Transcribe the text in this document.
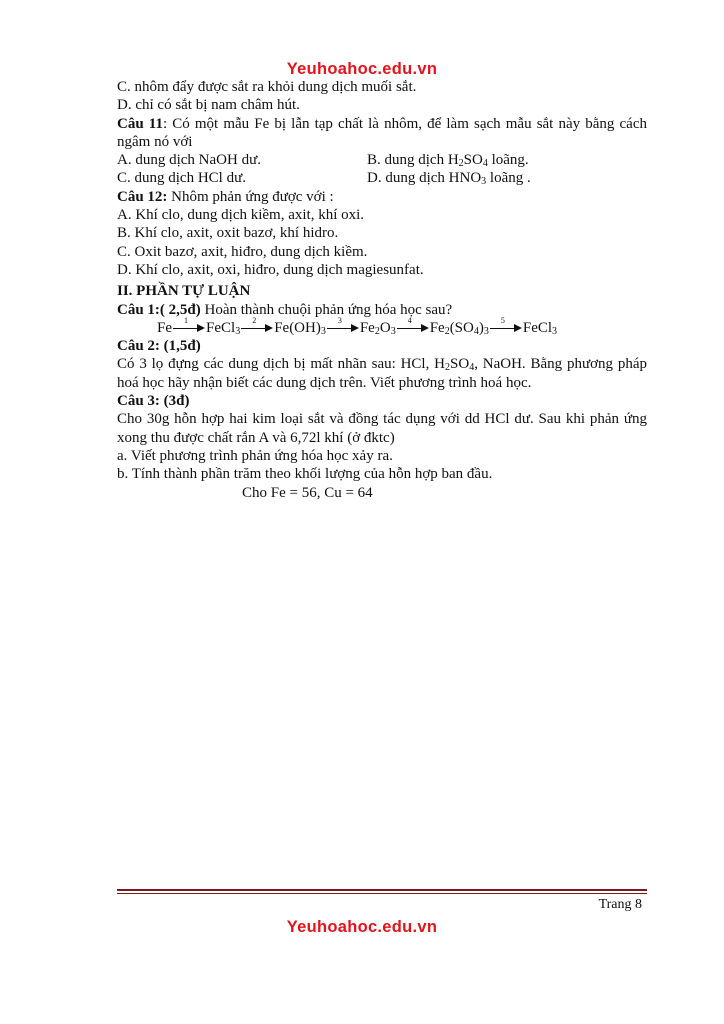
Yeuhoahoc.edu.vn
C. nhôm đẩy được sắt ra khỏi dung dịch muối sắt.
D. chỉ có sắt bị nam châm hút.
Câu 11: Có một mẫu Fe bị lẫn tạp chất là nhôm, để làm sạch mẫu sắt này bằng cách ngâm nó với
A. dung dịch NaOH dư.	B. dung dịch $H_2SO_4$ loãng.
C. dung dịch HCl dư.	D. dung dịch $HNO_3$ loãng .
Câu 12: Nhôm phản ứng được với :
A. Khí clo, dung dịch kiềm, axit, khí oxi.
B. Khí clo, axit, oxit bazơ, khí hidro.
C. Oxit bazơ, axit, hiđro, dung dịch kiềm.
D. Khí clo, axit, oxi, hiđro, dung dịch magiesunfat.
II. PHẦN TỰ LUẬN
Câu 1:( 2,5đ) Hoàn thành chuội phản ứng hóa học sau?
Fe	1	FeCl$_3$
2	$Fe(OH)_3$
3	$Fe_2O_3$
4	$Fe_2(SO_4)_3$
5	FeCl$_3$
Câu 2: (1,5đ)
Có 3 lọ đựng các dung dịch bị mất nhãn sau: HCl, $H_2SO_4$, NaOH. Bằng phương pháp hoá học hãy nhận biết các dung dịch trên. Viết phương trình hoá học.
Câu 3: (3đ)
Cho 30g hỗn hợp hai kim loại sắt và đồng tác dụng với dd HCl dư. Sau khi phản ứng xong thu được chất rắn A và 6,72l khí (ở đktc)
a. Viết phương trình phản ứng hóa học xảy ra.
b. Tính thành phần trăm theo khối lượng của hỗn hợp ban đầu.
Cho Fe = 56, Cu = 64
Trang 8
Yeuhoahoc.edu.vn
